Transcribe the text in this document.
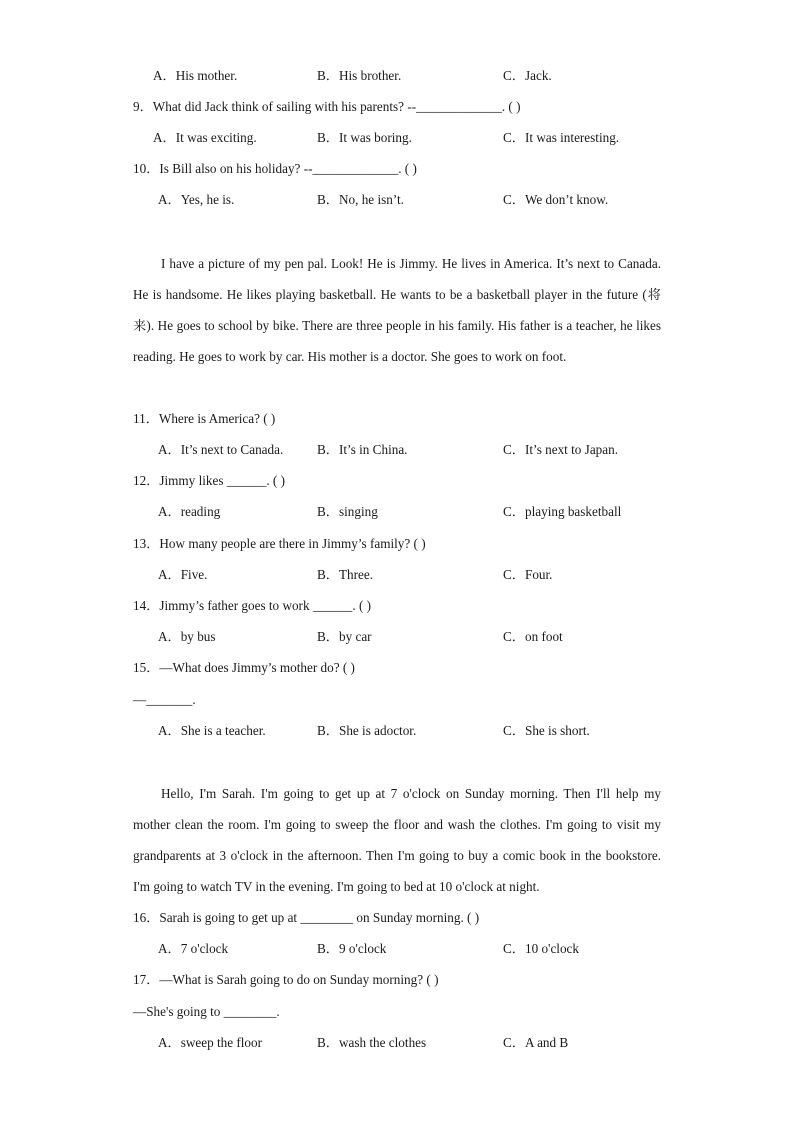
A．His mother.	B．His brother.	C．Jack.
9．What did Jack think of sailing with his parents? --_____________. ( )
A．It was exciting.	B．It was boring.	C．It was interesting.
10．Is Bill also on his holiday? --_____________. ( )
A．Yes, he is.	B．No, he isn’t.	C．We don’t know.
I have a picture of my pen pal. Look! He is Jimmy. He lives in America. It’s next to Canada. He is handsome. He likes playing basketball. He wants to be a basketball player in the future (将来). He goes to school by bike. There are three people in his family. His father is a teacher, he likes reading. He goes to work by car. His mother is a doctor. She goes to work on foot.
11．Where is America? ( )
A．It’s next to Canada.	B．It’s in China.	C．It’s next to Japan.
12．Jimmy likes ______. ( )
A．reading	B．singing	C．playing basketball
13．How many people are there in Jimmy’s family? ( )
A．Five.	B．Three.	C．Four.
14．Jimmy’s father goes to work ______. ( )
A．by bus	B．by car	C．on foot
15．—What does Jimmy’s mother do? ( )
—_______.
A．She is a teacher.	B．She is adoctor.	C．She is short.
Hello, I'm Sarah. I'm going to get up at 7 o'clock on Sunday morning. Then I'll help my mother clean the room. I'm going to sweep the floor and wash the clothes. I'm going to visit my grandparents at 3 o'clock in the afternoon. Then I'm going to buy a comic book in the bookstore. I'm going to watch TV in the evening. I'm going to bed at 10 o'clock at night.
16．Sarah is going to get up at ________ on Sunday morning. ( )
A．7 o'clock	B．9 o'clock	C．10 o'clock
17．—What is Sarah going to do on Sunday morning? ( )
—She's going to ________.
A．sweep the floor	B．wash the clothes	C．A and B
